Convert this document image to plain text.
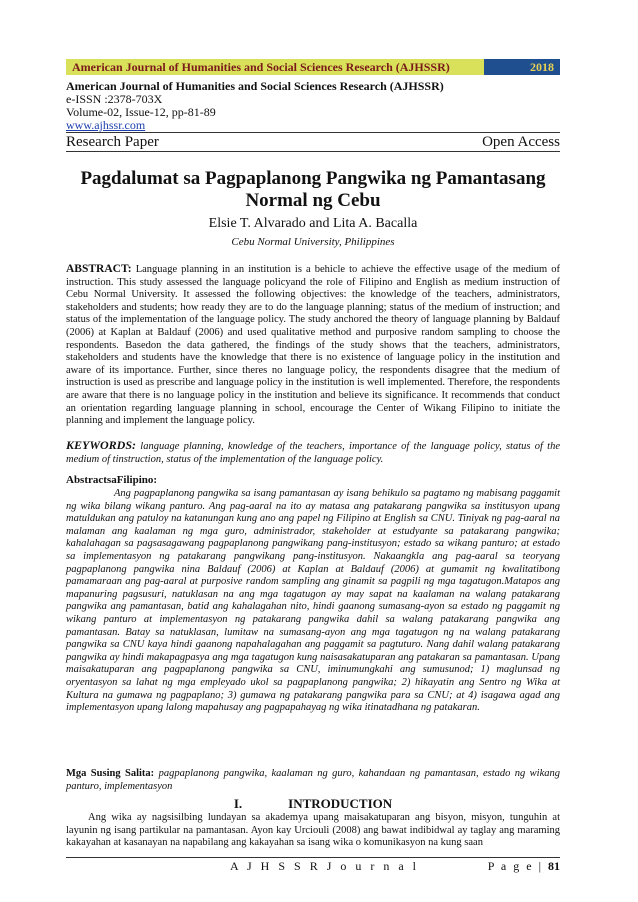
American Journal of Humanities and Social Sciences Research (AJHSSR)	2018
American Journal of Humanities and Social Sciences Research (AJHSSR)
e-ISSN :2378-703X
Volume-02, Issue-12, pp-81-89
www.ajhssr.com
Research Paper	Open Access
Pagdalumat sa Pagpaplanong Pangwika ng Pamantasang
Normal ng Cebu
Elsie T. Alvarado and Lita A. Bacalla
Cebu Normal University, Philippines
ABSTRACT: Language planning in an institution is a behicle to achieve the effective usage of the medium of instruction. This study assessed the language policyand the role of Filipino and English as medium instruction of Cebu Normal University. It assessed the following objectives: the knowledge of the teachers, administrators, stakeholders and students; how ready they are to do the language planning; status of the medium of instruction; and status of the implementation of the language policy. The study anchored the theory of language planning by Baldauf (2006) at Kaplan at Baldauf (2006) and used qualitative method and purposive random sampling to choose the respondents. Basedon the data gathered, the findings of the study shows that the teachers, administrators, stakeholders and students have the knowledge that there is no existence of language policy in the institution and aware of its importance. Further, since theres no language policy, the respondents disagree that the medium of instruction is used as prescribe and language policy in the institution is well implemented. Therefore, the respondents are aware that there is no language policy in the institution and believe its significance. It recommends that conduct an orientation regarding language planning in school, encourage the Center of Wikang Filipino to initiate the planning and implement the language policy.
KEYWORDS: language planning, knowledge of the teachers, importance of the language policy, status of the medium of tinstruction, status of the implementation of the language policy.
AbstractsaFilipino:
Ang pagpaplanong pangwika sa isang pamantasan ay isang behikulo sa pagtamo ng mabisang paggamit ng wika bilang wikang panturo. Ang pag-aaral na ito ay matasa ang patakarang pangwika sa institusyon upang matuldukan ang patuloy na katanungan kung ano ang papel ng Filipino at English sa CNU. Tiniyak ng pag-aaral na malaman ang kaalaman ng mga guro, administrador, stakeholder at estudyante sa patakarang pangwika; kahalahagan sa pagsasagawang pagpaplanong pangwikang pang-institusyon; estado sa wikang panturo; at estado sa implementasyon ng patakarang pangwikang pang-institusyon. Nakaangkla ang pag-aaral sa teoryang pagpaplanong pangwika nina Baldauf (2006) at Kaplan at Baldauf (2006) at gumamit ng kwalitatibong pamamaraan ang pag-aaral at purposive random sampling ang ginamit sa pagpili ng mga tagatugon.Matapos ang mapanuring pagsusuri, natuklasan na ang mga tagatugon ay may sapat na kaalaman na walang patakarang pangwika ang pamantasan, batid ang kahalagahan nito, hindi gaanong sumasang-ayon sa estado ng paggamit ng wikang panturo at implementasyon ng patakarang pangwika dahil sa walang patakarang pangwika ang pamantasan. Batay sa natuklasan, lumitaw na sumasang-ayon ang mga tagatugon ng na walang patakarang pangwika sa CNU kaya hindi gaanong napahalagahan ang paggamit sa pagtuturo. Nang dahil walang patakarang pangwika ay hindi makapagpasya ang mga tagatugon kung naisasakatuparan ang patakaran sa pamantasan. Upang maisakatuparan ang pagpaplanong pangwika sa CNU, iminumungkahi ang sumusunod; 1) maglunsad ng oryentasyon sa lahat ng mga empleyado ukol sa pagpaplanong pangwika; 2) hikayatin ang Sentro ng Wika at Kultura na gumawa ng pagpaplano; 3) gumawa ng patakarang pangwika para sa CNU; at 4) isagawa agad ang implementasyon upang lalong mapahusay ang pagpapahayag ng wika itinatadhana ng patakaran.
Mga Susing Salita: pagpaplanong pangwika, kaalaman ng guro, kahandaan ng pamantasan, estado ng wikang panturo, implementasyon
I.	INTRODUCTION
Ang wika ay nagsisilbing lundayan sa akademya upang maisakatuparan ang bisyon, misyon, tunguhin at layunin ng isang partikular na pamantasan. Ayon kay Urciouli (2008) ang bawat indibidwal ay taglay ang maraming kakayahan at kasanayan na napabilang ang kakayahan sa isang wika o komunikasyon na kung saan
A J H S S R J o u r n a l	P a g e | 81
